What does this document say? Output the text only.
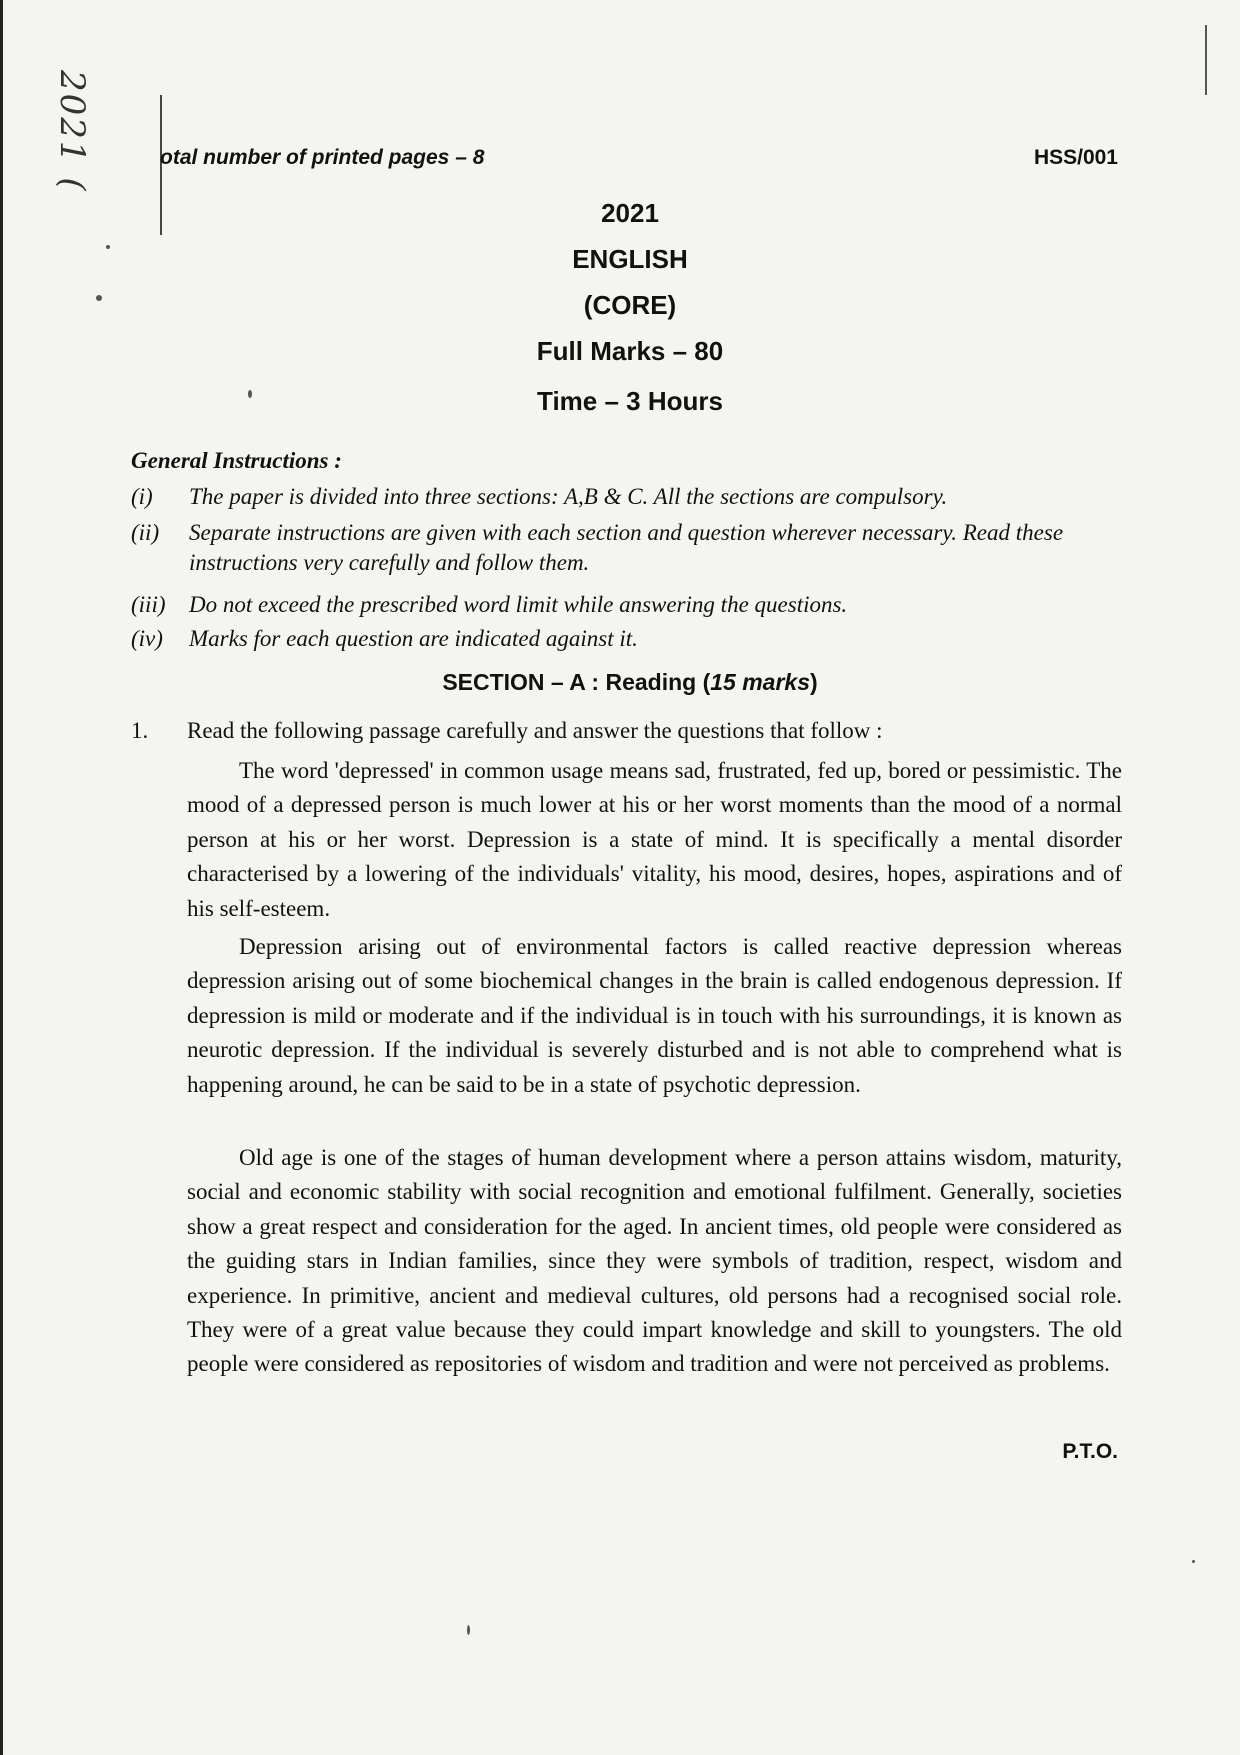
2021 (	otal number of printed pages – 8	HSS/001
2021
ENGLISH
(CORE)
Full Marks – 80
Time – 3 Hours
General Instructions :
(i) The paper is divided into three sections: A,B & C. All the sections are compulsory.
(ii) Separate instructions are given with each section and question wherever necessary. Read these instructions very carefully and follow them.
(iii) Do not exceed the prescribed word limit while answering the questions.
(iv) Marks for each question are indicated against it.
SECTION – A : Reading (15 marks)
1. Read the following passage carefully and answer the questions that follow :

The word 'depressed' in common usage means sad, frustrated, fed up, bored or pessimistic. The mood of a depressed person is much lower at his or her worst moments than the mood of a normal person at his or her worst. Depression is a state of mind. It is specifically a mental disorder characterised by a lowering of the individuals' vitality, his mood, desires, hopes, aspirations and of his self-esteem.

Depression arising out of environmental factors is called reactive depression whereas depression arising out of some biochemical changes in the brain is called endogenous depression. If depression is mild or moderate and if the individual is in touch with his surroundings, it is known as neurotic depression. If the individual is severely disturbed and is not able to comprehend what is happening around, he can be said to be in a state of psychotic depression.

Old age is one of the stages of human development where a person attains wisdom, maturity, social and economic stability with social recognition and emotional fulfilment. Generally, societies show a great respect and consideration for the aged. In ancient times, old people were considered as the guiding stars in Indian families, since they were symbols of tradition, respect, wisdom and experience. In primitive, ancient and medieval cultures, old persons had a recognised social role. They were of a great value because they could impart knowledge and skill to youngsters. The old people were considered as repositories of wisdom and tradition and were not perceived as problems.

P.T.O.
